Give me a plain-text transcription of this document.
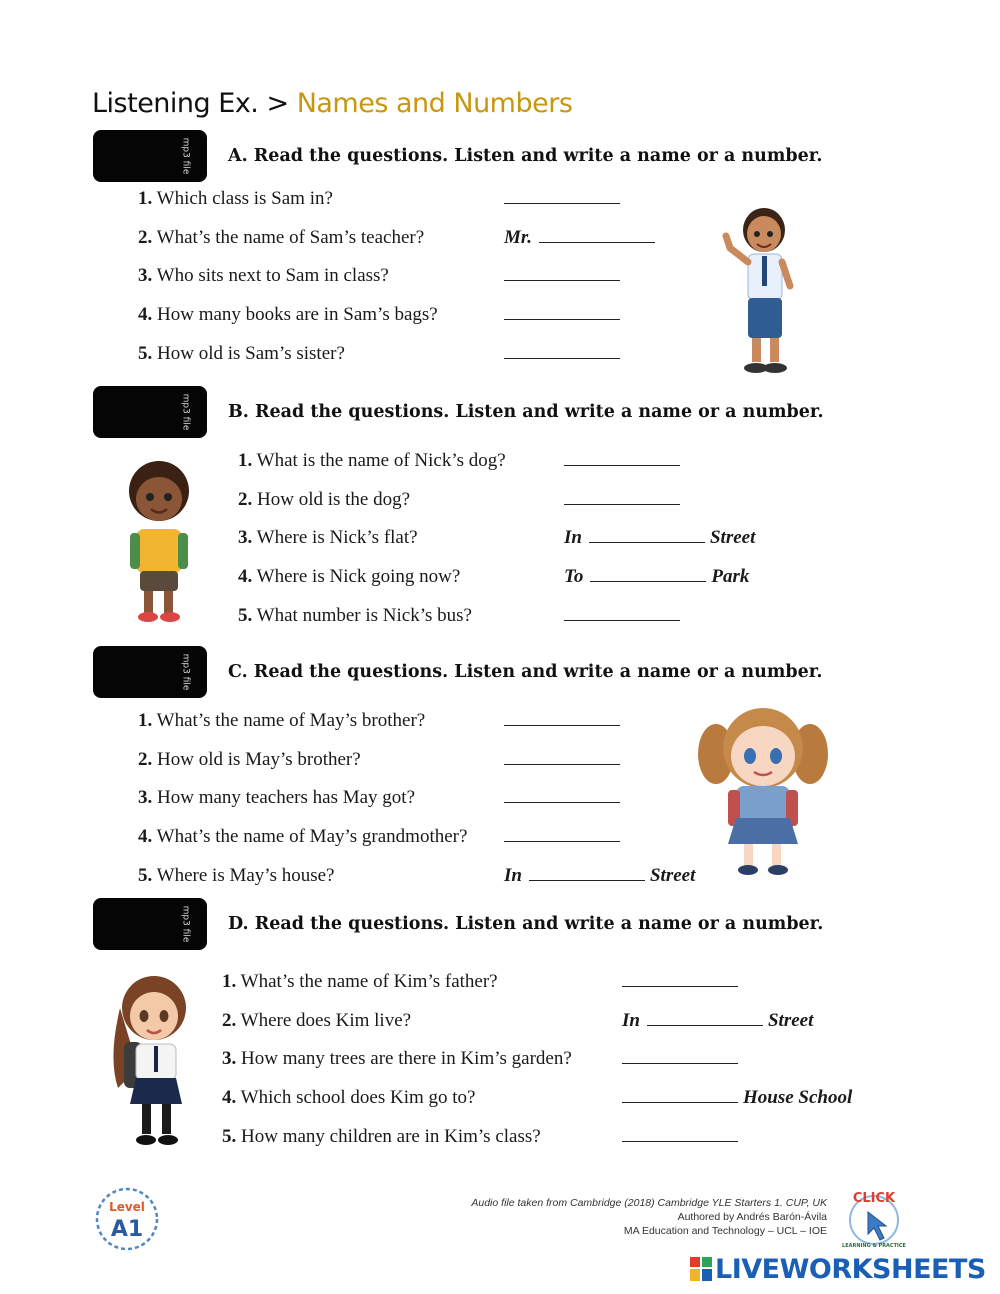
Listening Ex. > Names and Numbers
mp3 file A. Read the questions. Listen and write a name or a number.
1. Which class is Sam in?
2. What’s the name of Sam’s teacher?	Mr.
3. Who sits next to Sam in class?
4. How many books are in Sam’s bags?
5. How old is Sam’s sister?
mp3 file B. Read the questions. Listen and write a name or a number.
1. What is the name of Nick’s dog?
2. How old is the dog?
3. Where is Nick’s flat?	In	Street
4. Where is Nick going now?	To	Park
5. What number is Nick’s bus?
mp3 file C. Read the questions. Listen and write a name or a number.
1. What’s the name of May’s brother?
2. How old is May’s brother?
3. How many teachers has May got?
4. What’s the name of May’s grandmother?
5. Where is May’s house?	In	Street
mp3 file D. Read the questions. Listen and write a name or a number.
1. What’s the name of Kim’s father?
2. Where does Kim live?	In	Street
3. How many trees are there in Kim’s garden?
4. Which school does Kim go to?	House School
5. How many children are in Kim’s class?
Level
A1
Audio file taken from Cambridge (2018) Cambridge YLE Starters 1. CUP, UK
Authored by Andrés Barón-Ávila
MA Education and Technology – UCL – IOE
CLICK
LEARNING & PRACTICE
LIVEWORKSHEETS
